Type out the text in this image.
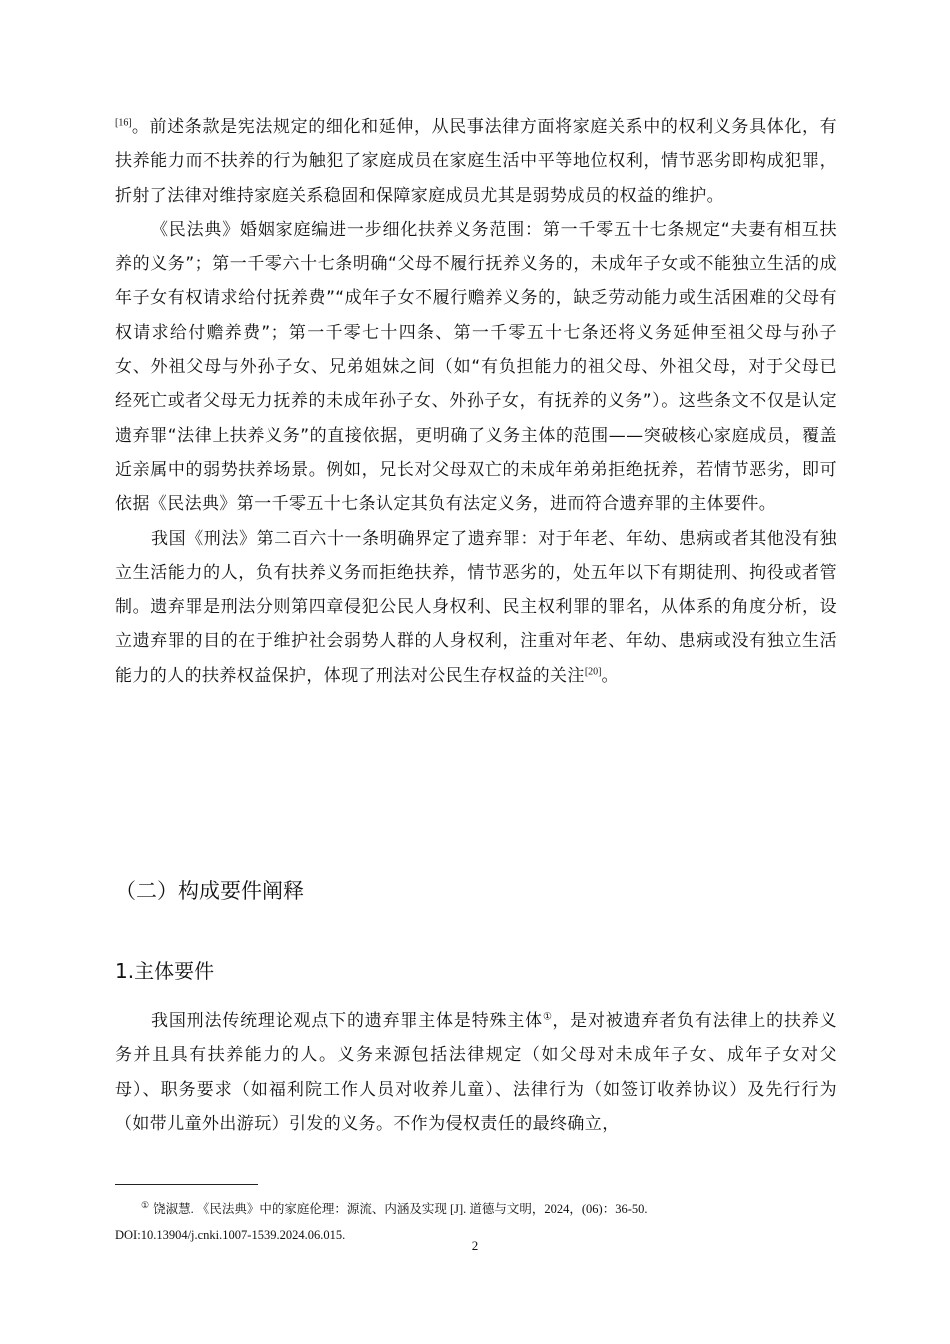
[16]。前述条款是宪法规定的细化和延伸，从民事法律方面将家庭关系中的权利义务具体化，有扶养能力而不扶养的行为触犯了家庭成员在家庭生活中平等地位权利，情节恶劣即构成犯罪，折射了法律对维持家庭关系稳固和保障家庭成员尤其是弱势成员的权益的维护。

《民法典》婚姻家庭编进一步细化扶养义务范围：第一千零五十七条规定“夫妻有相互扶养的义务”；第一千零六十七条明确“父母不履行抚养义务的，未成年子女或不能独立生活的成年子女有权请求给付抚养费”“成年子女不履行赡养义务的，缺乏劳动能力或生活困难的父母有权请求给付赡养费”；第一千零七十四条、第一千零五十七条还将义务延伸至祖父母与孙子女、外祖父母与外孙子女、兄弟姐妹之间（如“有负担能力的祖父母、外祖父母，对于父母已经死亡或者父母无力抚养的未成年孙子女、外孙子女，有抚养的义务”）。这些条文不仅是认定遗弃罪“法律上扶养义务”的直接依据，更明确了义务主体的范围——突破核心家庭成员，覆盖近亲属中的弱势扶养场景。例如，兄长对父母双亡的未成年弟弟拒绝抚养，若情节恶劣，即可依据《民法典》第一千零五十七条认定其负有法定义务，进而符合遗弃罪的主体要件。

我国《刑法》第二百六十一条明确界定了遗弃罪：对于年老、年幼、患病或者其他没有独立生活能力的人，负有扶养义务而拒绝扶养，情节恶劣的，处五年以下有期徒刑、拘役或者管制。遗弃罪是刑法分则第四章侵犯公民人身权利、民主权利罪的罪名，从体系的角度分析，设立遗弃罪的目的在于维护社会弱势人群的人身权利，注重对年老、年幼、患病或没有独立生活能力的人的扶养权益保护，体现了刑法对公民生存权益的关注[20]。

（二）构成要件阐释
1.主体要件

我国刑法传统理论观点下的遗弃罪主体是特殊主体①，是对被遗弃者负有法律上的扶养义务并且具有扶养能力的人。义务来源包括法律规定（如父母对未成年子女、成年子女对父母）、职务要求（如福利院工作人员对收养儿童）、法律行为（如签订收养协议）及先行行为（如带儿童外出游玩）引发的义务。不作为侵权责任的最终确立，

① 饶淑慧. 《民法典》中的家庭伦理：源流、内涵及实现 [J]. 道德与文明，2024，(06)：36-50.
DOI:10.13904/j.cnki.1007-1539.2024.06.015.
2
